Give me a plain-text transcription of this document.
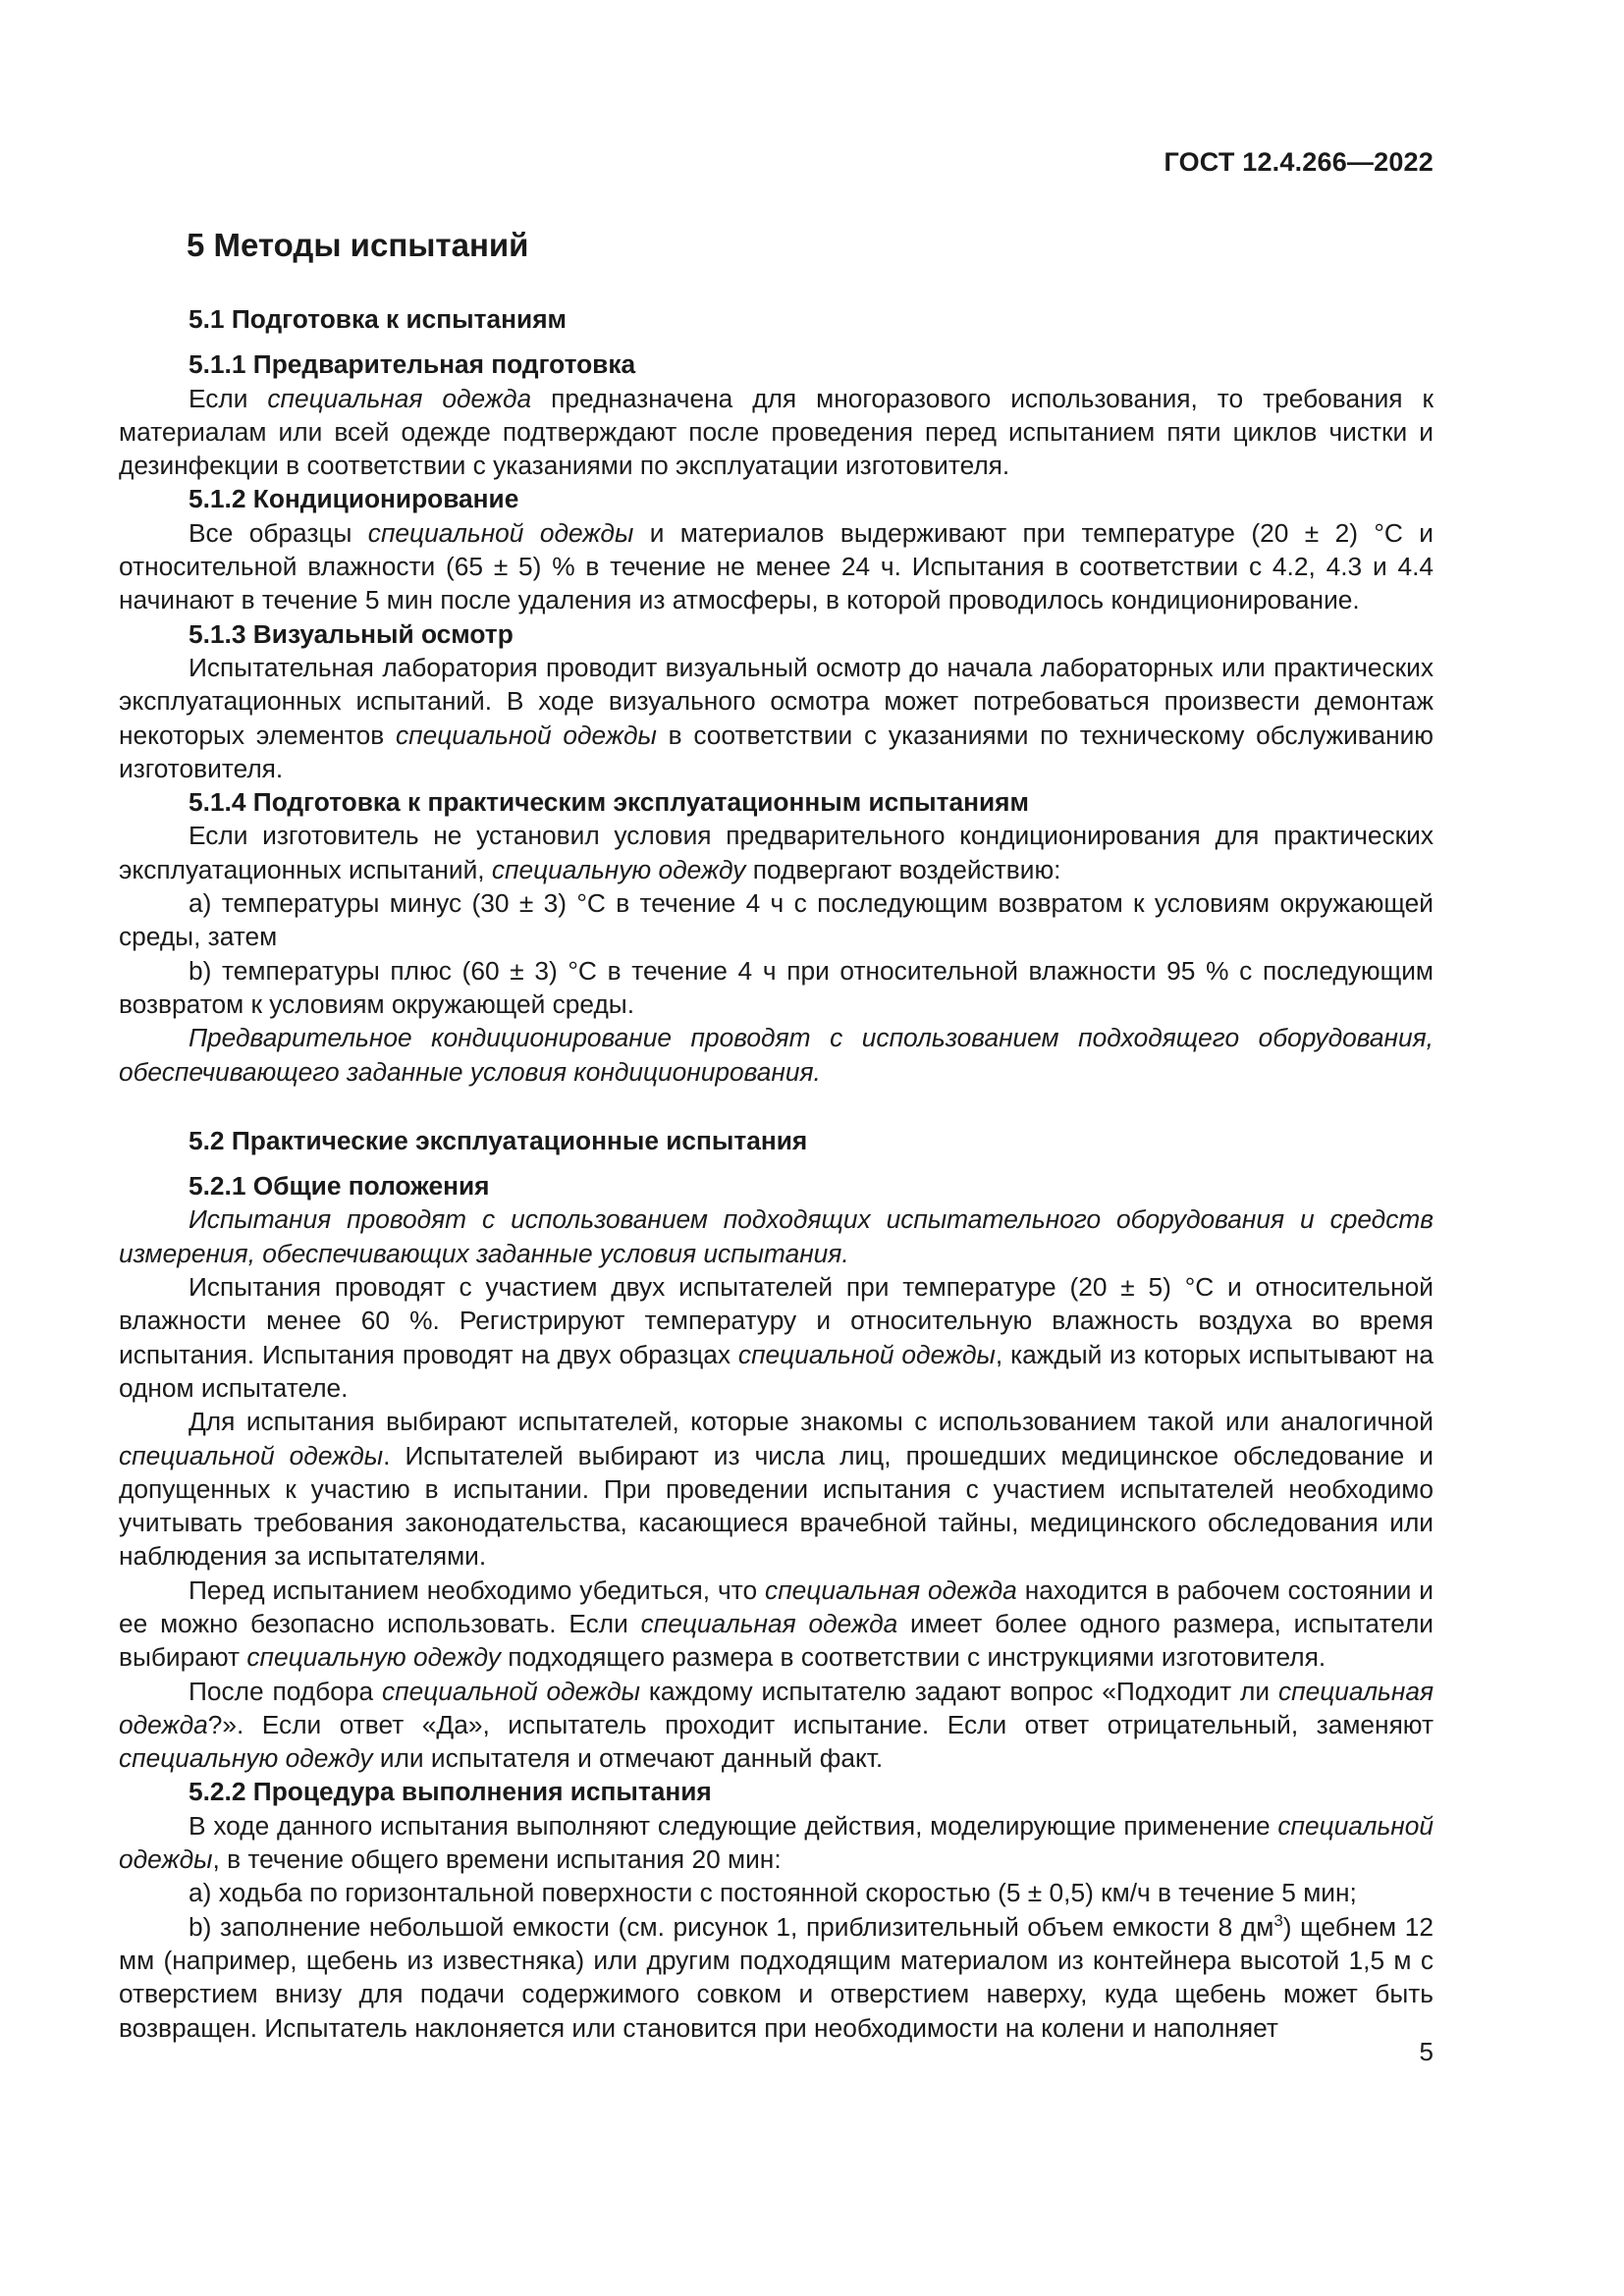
ГОСТ 12.4.266—2022

5 Методы испытаний

5.1 Подготовка к испытаниям

5.1.1 Предварительная подготовка

Если специальная одежда предназначена для многоразового использования, то требования к материалам или всей одежде подтверждают после проведения перед испытанием пяти циклов чистки и дезинфекции в соответствии с указаниями по эксплуатации изготовителя.

5.1.2 Кондиционирование

Все образцы специальной одежды и материалов выдерживают при температуре (20 ± 2) °С и относительной влажности (65 ± 5) % в течение не менее 24 ч. Испытания в соответствии с 4.2, 4.3 и 4.4 начинают в течение 5 мин после удаления из атмосферы, в которой проводилось кондиционирование.

5.1.3 Визуальный осмотр

Испытательная лаборатория проводит визуальный осмотр до начала лабораторных или практических эксплуатационных испытаний. В ходе визуального осмотра может потребоваться произвести демонтаж некоторых элементов специальной одежды в соответствии с указаниями по техническому обслуживанию изготовителя.

5.1.4 Подготовка к практическим эксплуатационным испытаниям

Если изготовитель не установил условия предварительного кондиционирования для практических эксплуатационных испытаний, специальную одежду подвергают воздействию:

a) температуры минус (30 ± 3) °С в течение 4 ч с последующим возвратом к условиям окружающей среды, затем

b) температуры плюс (60 ± 3) °С в течение 4 ч при относительной влажности 95 % с последующим возвратом к условиям окружающей среды.

Предварительное кондиционирование проводят с использованием подходящего оборудования, обеспечивающего заданные условия кондиционирования.

5.2 Практические эксплуатационные испытания

5.2.1 Общие положения

Испытания проводят с использованием подходящих испытательного оборудования и средств измерения, обеспечивающих заданные условия испытания.

Испытания проводят с участием двух испытателей при температуре (20 ± 5) °С и относительной влажности менее 60 %. Регистрируют температуру и относительную влажность воздуха во время испытания. Испытания проводят на двух образцах специальной одежды, каждый из которых испытывают на одном испытателе.

Для испытания выбирают испытателей, которые знакомы с использованием такой или аналогичной специальной одежды. Испытателей выбирают из числа лиц, прошедших медицинское обследование и допущенных к участию в испытании. При проведении испытания с участием испытателей необходимо учитывать требования законодательства, касающиеся врачебной тайны, медицинского обследования или наблюдения за испытателями.

Перед испытанием необходимо убедиться, что специальная одежда находится в рабочем состоянии и ее можно безопасно использовать. Если специальная одежда имеет более одного размера, испытатели выбирают специальную одежду подходящего размера в соответствии с инструкциями изготовителя.

После подбора специальной одежды каждому испытателю задают вопрос «Подходит ли специальная одежда?». Если ответ «Да», испытатель проходит испытание. Если ответ отрицательный, заменяют специальную одежду или испытателя и отмечают данный факт.

5.2.2 Процедура выполнения испытания

В ходе данного испытания выполняют следующие действия, моделирующие применение специальной одежды, в течение общего времени испытания 20 мин:

a) ходьба по горизонтальной поверхности с постоянной скоростью (5 ± 0,5) км/ч в течение 5 мин;

b) заполнение небольшой емкости (см. рисунок 1, приблизительный объем емкости 8 $дм^3$) щебнем 12 мм (например, щебень из известняка) или другим подходящим материалом из контейнера высотой 1,5 м с отверстием внизу для подачи содержимого совком и отверстием наверху, куда щебень может быть возвращен. Испытатель наклоняется или становится при необходимости на колени и наполняет

5
